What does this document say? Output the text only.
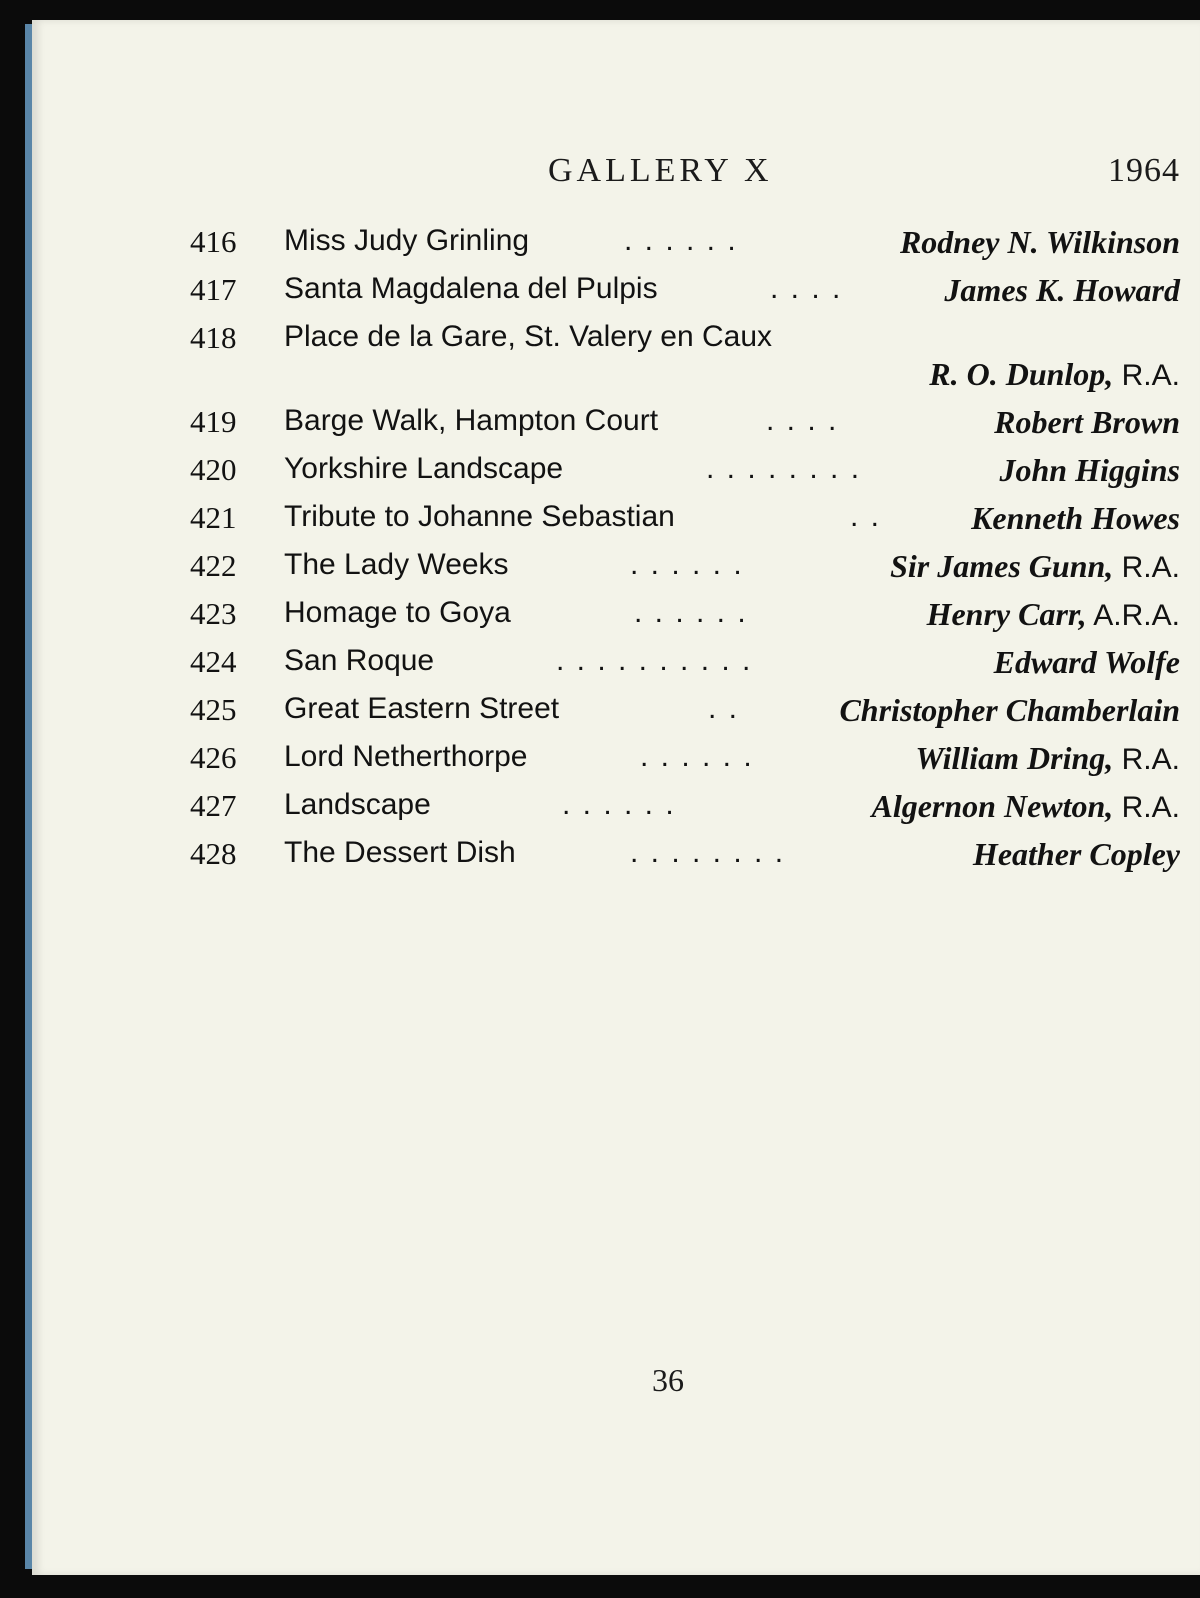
GALLERY X	1964
416 Miss Judy Grinling	. . . . . .	Rodney N. Wilkinson
417 Santa Magdalena del Pulpis	. . . .	James K. Howard
418 Place de la Gare, St. Valery en Caux
R. O. Dunlop, R.A.
419 Barge Walk, Hampton Court	. . . .	Robert Brown
420 Yorkshire Landscape	. . . . . . . .	John Higgins
421 Tribute to Johanne Sebastian	. .	Kenneth Howes
422 The Lady Weeks	. . . . . .	Sir James Gunn, R.A.
423 Homage to Goya	. . . . . .	Henry Carr, A.R.A.
424 San Roque	. . . . . . . . . .	Edward Wolfe
425 Great Eastern Street	. .	Christopher Chamberlain
426 Lord Netherthorpe	. . . . . .	William Dring, R.A.
427 Landscape	. . . . . .	Algernon Newton, R.A.
428 The Dessert Dish	. . . . . . . .	Heather Copley
36
